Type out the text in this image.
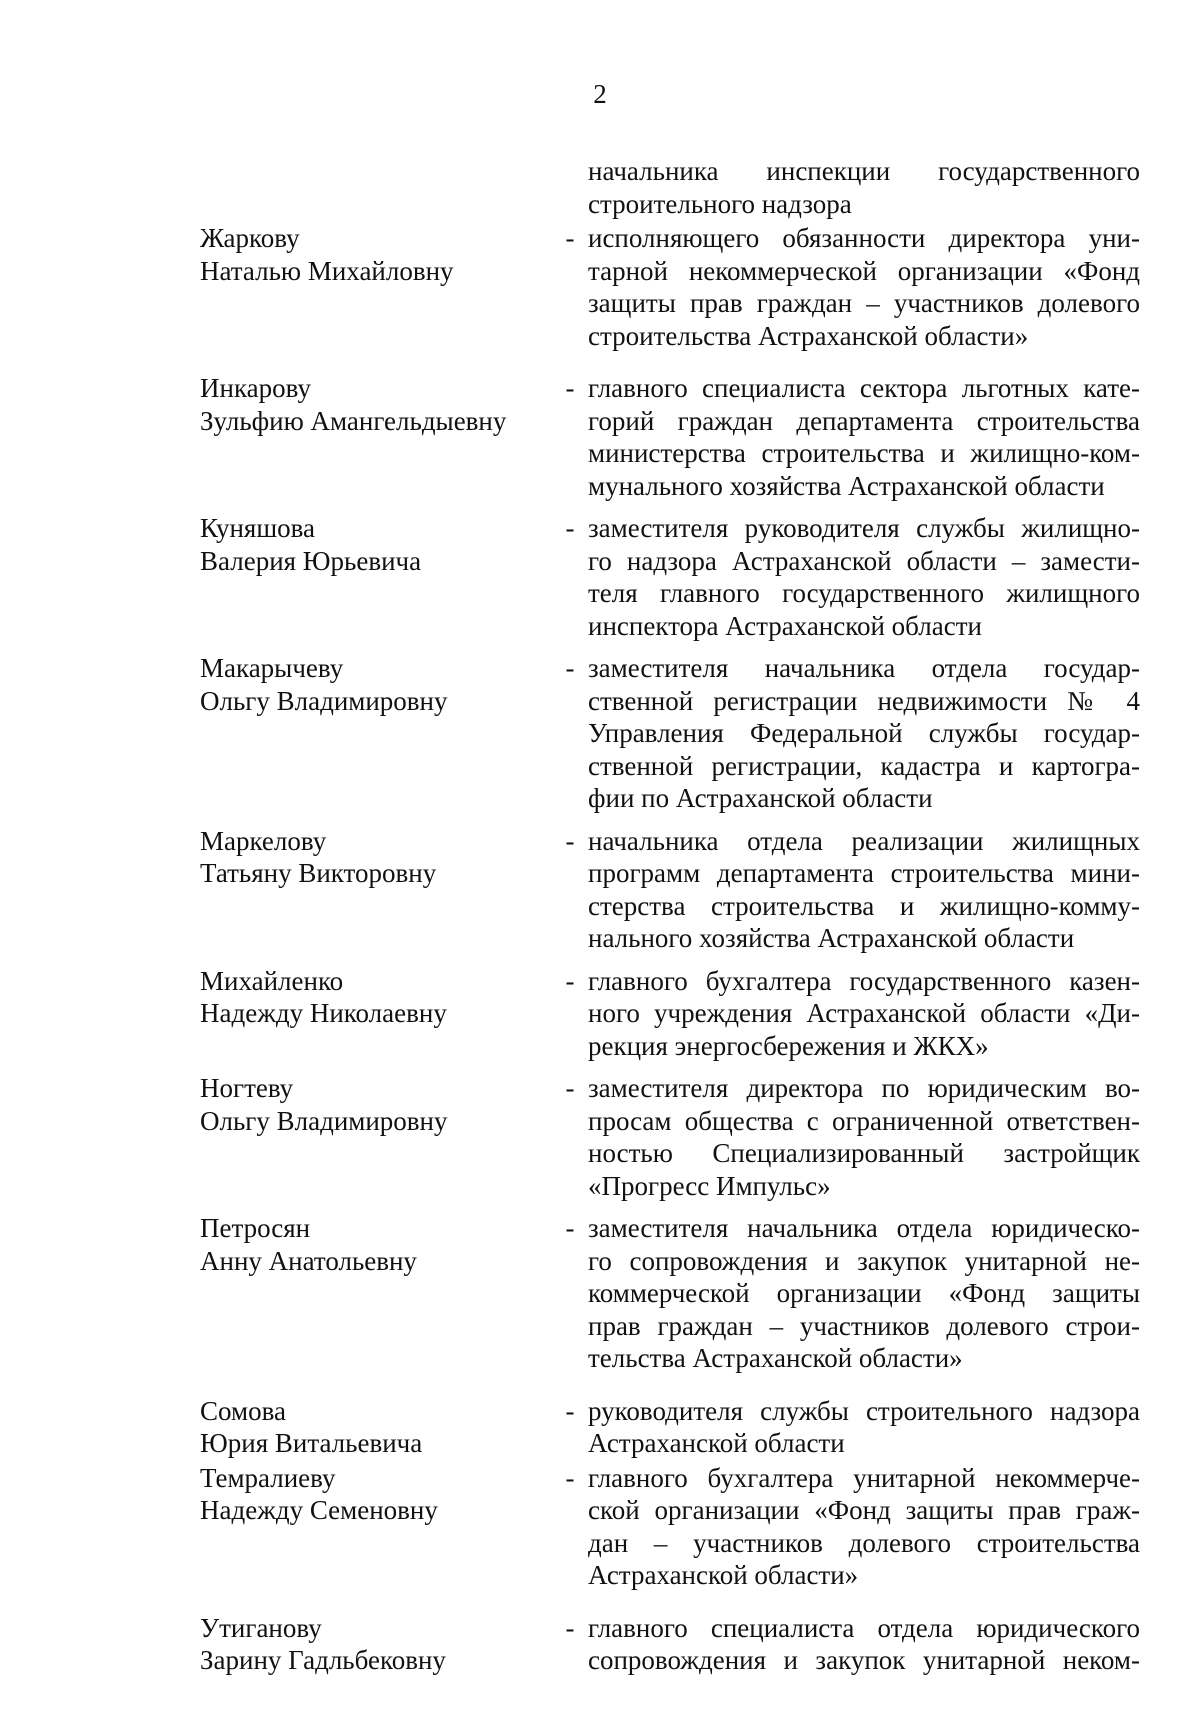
2
начальника инспекции государственного
строительного надзора
Жаркову
Наталью Михайловну
- исполняющего обязанности директора уни-
тарной некоммерческой организации «Фонд
защиты прав граждан – участников долевого
строительства Астраханской области»
Инкарову
Зульфию Амангельдыевну
- главного специалиста сектора льготных кате-
горий граждан департамента строительства
министерства строительства и жилищно-ком-
мунального хозяйства Астраханской области
Куняшова
Валерия Юрьевича
- заместителя руководителя службы жилищно-
го надзора Астраханской области – замести-
теля главного государственного жилищного
инспектора Астраханской области
Макарычеву
Ольгу Владимировну
- заместителя начальника отдела государ-
ственной регистрации недвижимости № 4
Управления Федеральной службы государ-
ственной регистрации, кадастра и картогра-
фии по Астраханской области
Маркелову
Татьяну Викторовну
- начальника отдела реализации жилищных
программ департамента строительства мини-
стерства строительства и жилищно-комму-
нального хозяйства Астраханской области
Михайленко
Надежду Николаевну
- главного бухгалтера государственного казен-
ного учреждения Астраханской области «Ди-
рекция энергосбережения и ЖКХ»
Ногтеву
Ольгу Владимировну
- заместителя директора по юридическим во-
просам общества с ограниченной ответствен-
ностью Специализированный застройщик
«Прогресс Импульс»
Петросян
Анну Анатольевну
- заместителя начальника отдела юридическо-
го сопровождения и закупок унитарной не-
коммерческой организации «Фонд защиты
прав граждан – участников долевого строи-
тельства Астраханской области»
Сомова
Юрия Витальевича
- руководителя службы строительного надзора
Астраханской области
Темралиеву
Надежду Семеновну
- главного бухгалтера унитарной некоммерче-
ской организации «Фонд защиты прав граж-
дан – участников долевого строительства
Астраханской области»
Утиганову
Зарину Гадльбековну
- главного специалиста отдела юридического
сопровождения и закупок унитарной неком-
